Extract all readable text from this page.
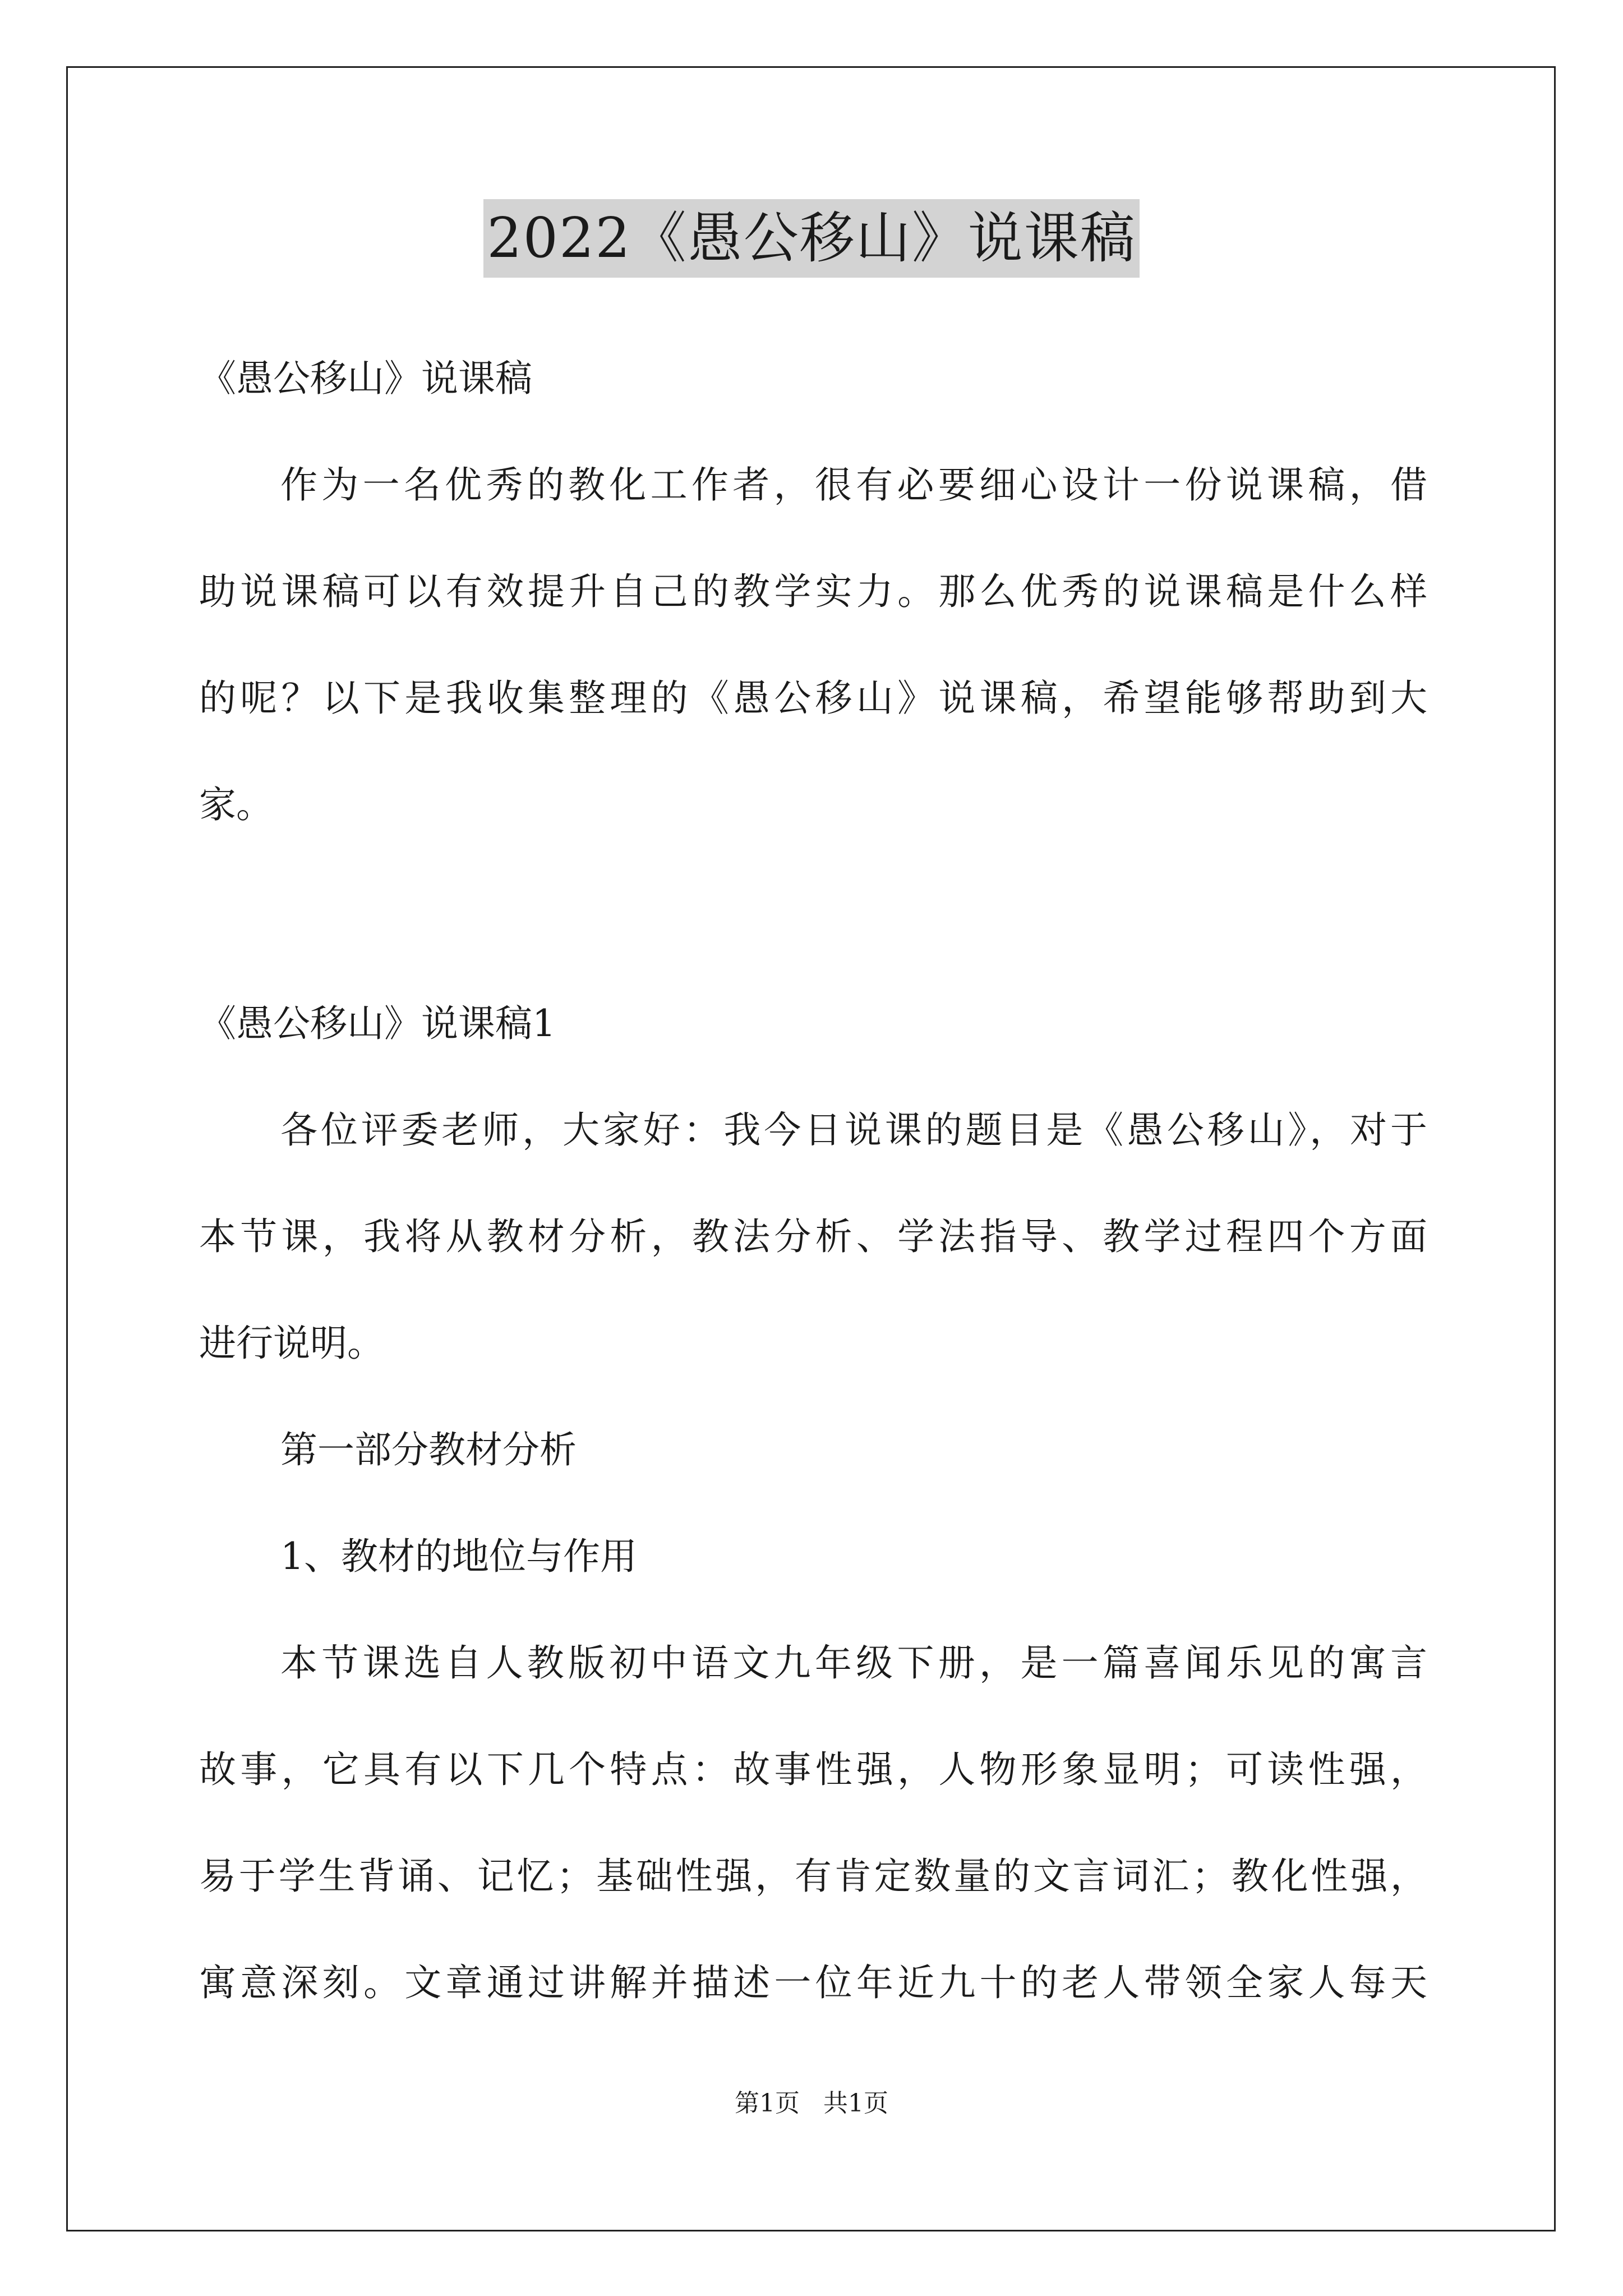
2022《愚公移山》说课稿
《愚公移山》说课稿
作为一名优秀的教化工作者，很有必要细心设计一份说课稿，借
助说课稿可以有效提升自己的教学实力。那么优秀的说课稿是什么样
的呢？以下是我收集整理的《愚公移山》说课稿，希望能够帮助到大
家。
《愚公移山》说课稿1
各位评委老师，大家好：我今日说课的题目是《愚公移山》，对于
本节课，我将从教材分析，教法分析、学法指导、教学过程四个方面
进行说明。
第一部分教材分析
1、教材的地位与作用
本节课选自人教版初中语文九年级下册，是一篇喜闻乐见的寓言
故事，它具有以下几个特点：故事性强，人物形象显明；可读性强，
易于学生背诵、记忆；基础性强，有肯定数量的文言词汇；教化性强，
寓意深刻。文章通过讲解并描述一位年近九十的老人带领全家人每天
第1页   共1页
